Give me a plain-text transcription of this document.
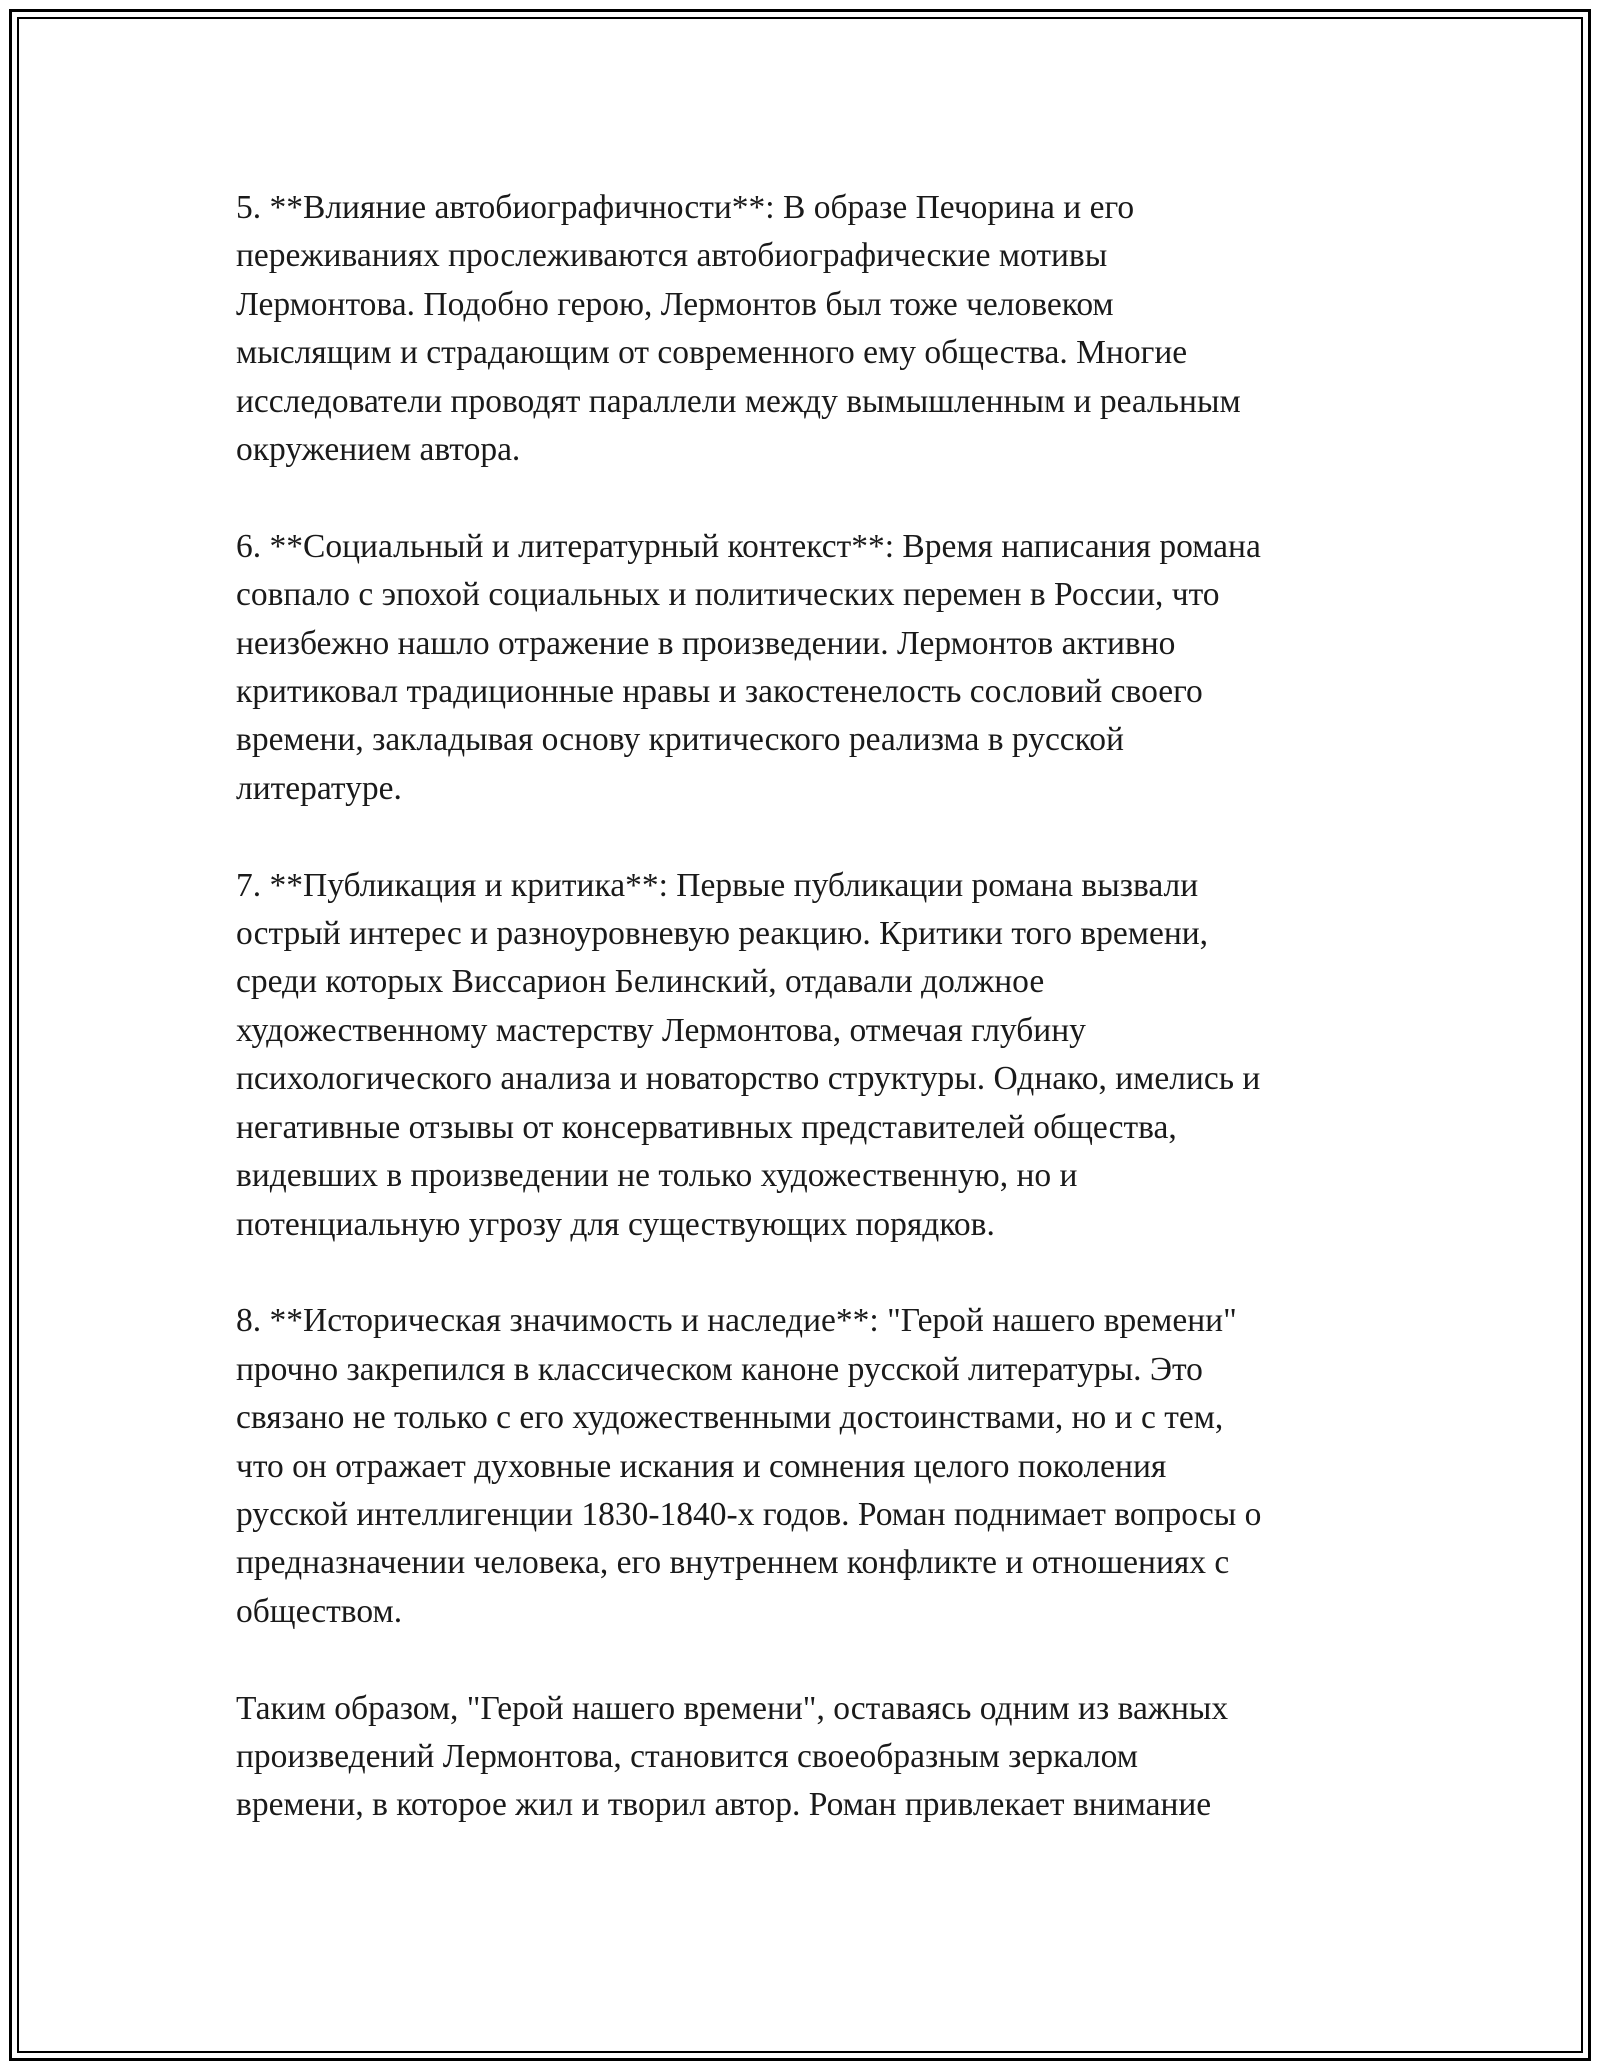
5. **Влияние автобиографичности**: В образе Печорина и его
переживаниях прослеживаются автобиографические мотивы
Лермонтова. Подобно герою, Лермонтов был тоже человеком
мыслящим и страдающим от современного ему общества. Многие
исследователи проводят параллели между вымышленным и реальным
окружением автора.

6. **Социальный и литературный контекст**: Время написания романа
совпало с эпохой социальных и политических перемен в России, что
неизбежно нашло отражение в произведении. Лермонтов активно
критиковал традиционные нравы и закостенелость сословий своего
времени, закладывая основу критического реализма в русской
литературе.

7. **Публикация и критика**: Первые публикации романа вызвали
острый интерес и разноуровневую реакцию. Критики того времени,
среди которых Виссарион Белинский, отдавали должное
художественному мастерству Лермонтова, отмечая глубину
психологического анализа и новаторство структуры. Однако, имелись и
негативные отзывы от консервативных представителей общества,
видевших в произведении не только художественную, но и
потенциальную угрозу для существующих порядков.

8. **Историческая значимость и наследие**: "Герой нашего времени"
прочно закрепился в классическом каноне русской литературы. Это
связано не только с его художественными достоинствами, но и с тем,
что он отражает духовные искания и сомнения целого поколения
русской интеллигенции 1830-1840-х годов. Роман поднимает вопросы о
предназначении человека, его внутреннем конфликте и отношениях с
обществом.

Таким образом, "Герой нашего времени", оставаясь одним из важных
произведений Лермонтова, становится своеобразным зеркалом
времени, в которое жил и творил автор. Роман привлекает внимание
